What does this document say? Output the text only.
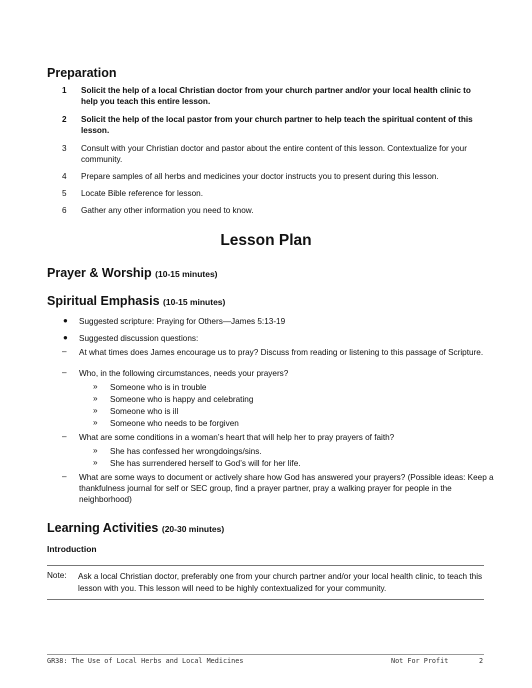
Preparation
1	Solicit the help of a local Christian doctor from your church partner and/or your local health clinic to help you teach this entire lesson.
2	Solicit the help of the local pastor from your church partner to help teach the spiritual content of this lesson.
3	Consult with your Christian doctor and pastor about the entire content of this lesson. Contextualize for your community.
4	Prepare samples of all herbs and medicines your doctor instructs you to present during this lesson.
5	Locate Bible reference for lesson.
6	Gather any other information you need to know.
Lesson Plan
Prayer & Worship (10-15 minutes)
Spiritual Emphasis (10-15 minutes)
● Suggested scripture: Praying for Others—James 5:13-19
● Suggested discussion questions:
– At what times does James encourage us to pray? Discuss from reading or listening to this passage of Scripture.
– Who, in the following circumstances, needs your prayers?
» Someone who is in trouble
» Someone who is happy and celebrating
» Someone who is ill
» Someone who needs to be forgiven
– What are some conditions in a woman’s heart that will help her to pray prayers of faith?
» She has confessed her wrongdoings/sins.
» She has surrendered herself to God’s will for her life.
– What are some ways to document or actively share how God has answered your prayers? (Possible ideas: Keep a thankfulness journal for self or SEC group, find a prayer partner, pray a walking prayer for people in the neighborhood)
Learning Activities (20-30 minutes)
Introduction
Note: Ask a local Christian doctor, preferably one from your church partner and/or your local health clinic, to teach this lesson with you. This lesson will need to be highly contextualized for your community.
GR38: The Use of Local Herbs and Local Medicines	Not For Profit	2
